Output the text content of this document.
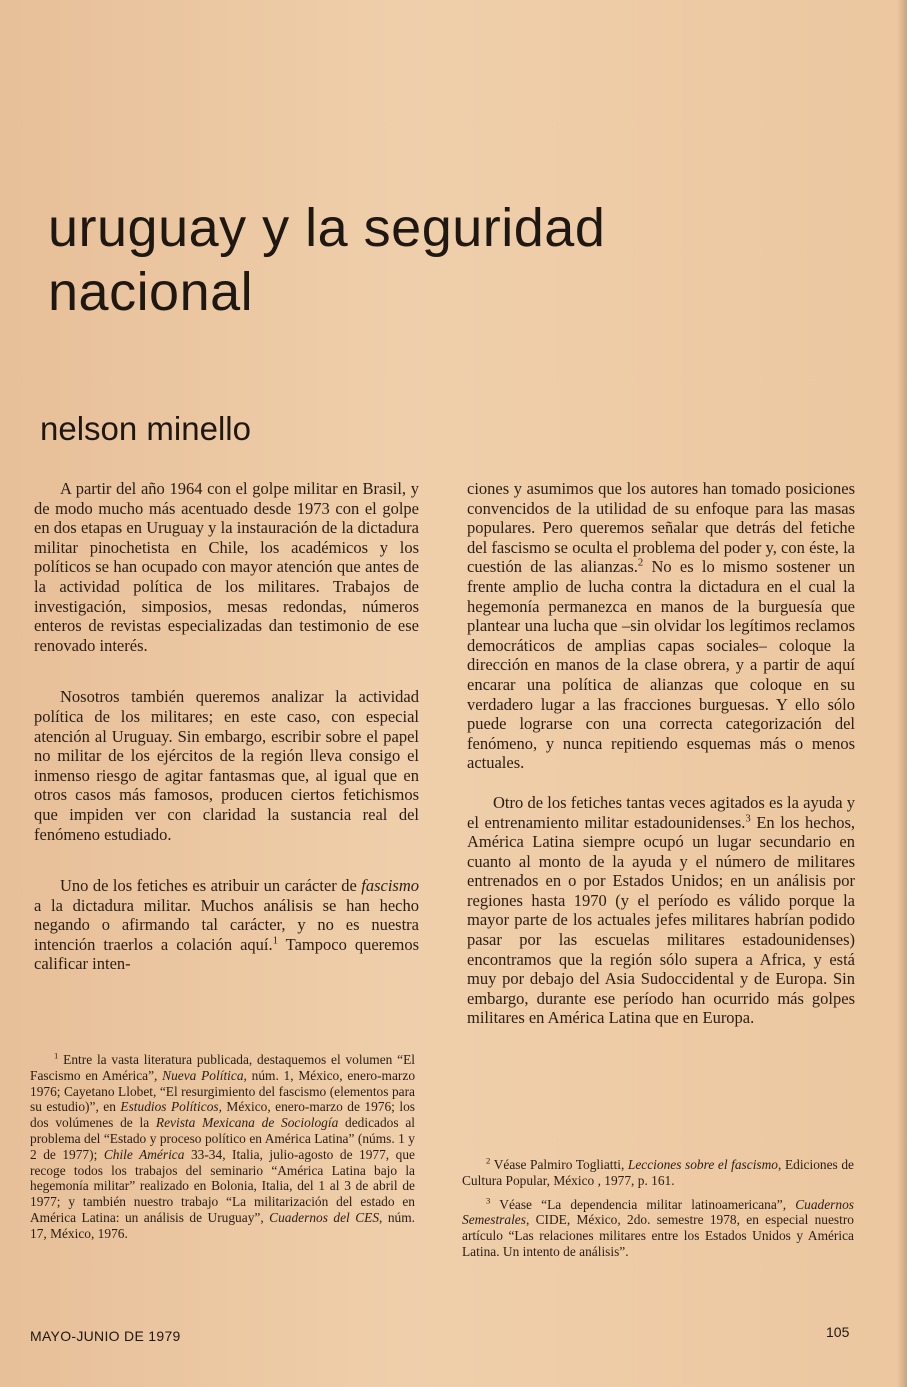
uruguay y la seguridad
nacional
nelson minello

A partir del año 1964 con el golpe militar en Brasil, y de modo mucho más acentuado desde 1973 con el golpe en dos etapas en Uruguay y la instauración de la dictadura militar pinochetista en Chile, los académicos y los políticos se han ocupado con mayor atención que antes de la actividad política de los militares. Trabajos de investigación, simposios, mesas redondas, números enteros de revistas especializadas dan testimonio de ese renovado interés.

Nosotros también queremos analizar la actividad política de los militares; en este caso, con especial atención al Uruguay. Sin embargo, escribir sobre el papel no militar de los ejércitos de la región lleva consigo el inmenso riesgo de agitar fantasmas que, al igual que en otros casos más famosos, producen ciertos fetichismos que impiden ver con claridad la sustancia real del fenómeno estudiado.

Uno de los fetiches es atribuir un carácter de fascismo a la dictadura militar. Muchos análisis se han hecho negando o afirmando tal carácter, y no es nuestra intención traerlos a colación aquí.$^1$ Tampoco queremos calificar inten-

ciones y asumimos que los autores han tomado posiciones convencidos de la utilidad de su enfoque para las masas populares. Pero queremos señalar que detrás del fetiche del fascismo se oculta el problema del poder y, con éste, la cuestión de las alianzas.$^2$ No es lo mismo sostener un frente amplio de lucha contra la dictadura en el cual la hegemonía permanezca en manos de la burguesía que plantear una lucha que –sin olvidar los legítimos reclamos democráticos de amplias capas sociales– coloque la dirección en manos de la clase obrera, y a partir de aquí encarar una política de alianzas que coloque en su verdadero lugar a las fracciones burguesas. Y ello sólo puede lograrse con una correcta categorización del fenómeno, y nunca repitiendo esquemas más o menos actuales.

Otro de los fetiches tantas veces agitados es la ayuda y el entrenamiento militar estadounidenses.$^3$ En los hechos, América Latina siempre ocupó un lugar secundario en cuanto al monto de la ayuda y el número de militares entrenados en o por Estados Unidos; en un análisis por regiones hasta 1970 (y el período es válido porque la mayor parte de los actuales jefes militares habrían podido pasar por las escuelas militares estadounidenses) encontramos que la región sólo supera a Africa, y está muy por debajo del Asia Sudoccidental y de Europa. Sin embargo, durante ese período han ocurrido más golpes militares en América Latina que en Europa.

$^1$ Entre la vasta literatura publicada, destaquemos el volumen “El Fascismo en América”, Nueva Política, núm. 1, México, enero-marzo 1976; Cayetano Llobet, “El resurgimiento del fascismo (elementos para su estudio)”, en Estudios Políticos, México, enero-marzo de 1976; los dos volúmenes de la Revista Mexicana de Sociología dedicados al problema del “Estado y proceso político en América Latina” (núms. 1 y 2 de 1977); Chile América 33-34, Italia, julio-agosto de 1977, que recoge todos los trabajos del seminario “América Latina bajo la hegemonía militar” realizado en Bolonia, Italia, del 1 al 3 de abril de 1977; y también nuestro trabajo “La militarización del estado en América Latina: un análisis de Uruguay”, Cuadernos del CES, núm. 17, México, 1976.

$^2$ Véase Palmiro Togliatti, Lecciones sobre el fascismo, Ediciones de Cultura Popular, México , 1977, p. 161.

$^3$ Véase “La dependencia militar latinoamericana”, Cuadernos Semestrales, CIDE, México, 2do. semestre 1978, en especial nuestro artículo “Las relaciones militares entre los Estados Unidos y América Latina. Un intento de análisis”.

MAYO-JUNIO DE 1979	105
